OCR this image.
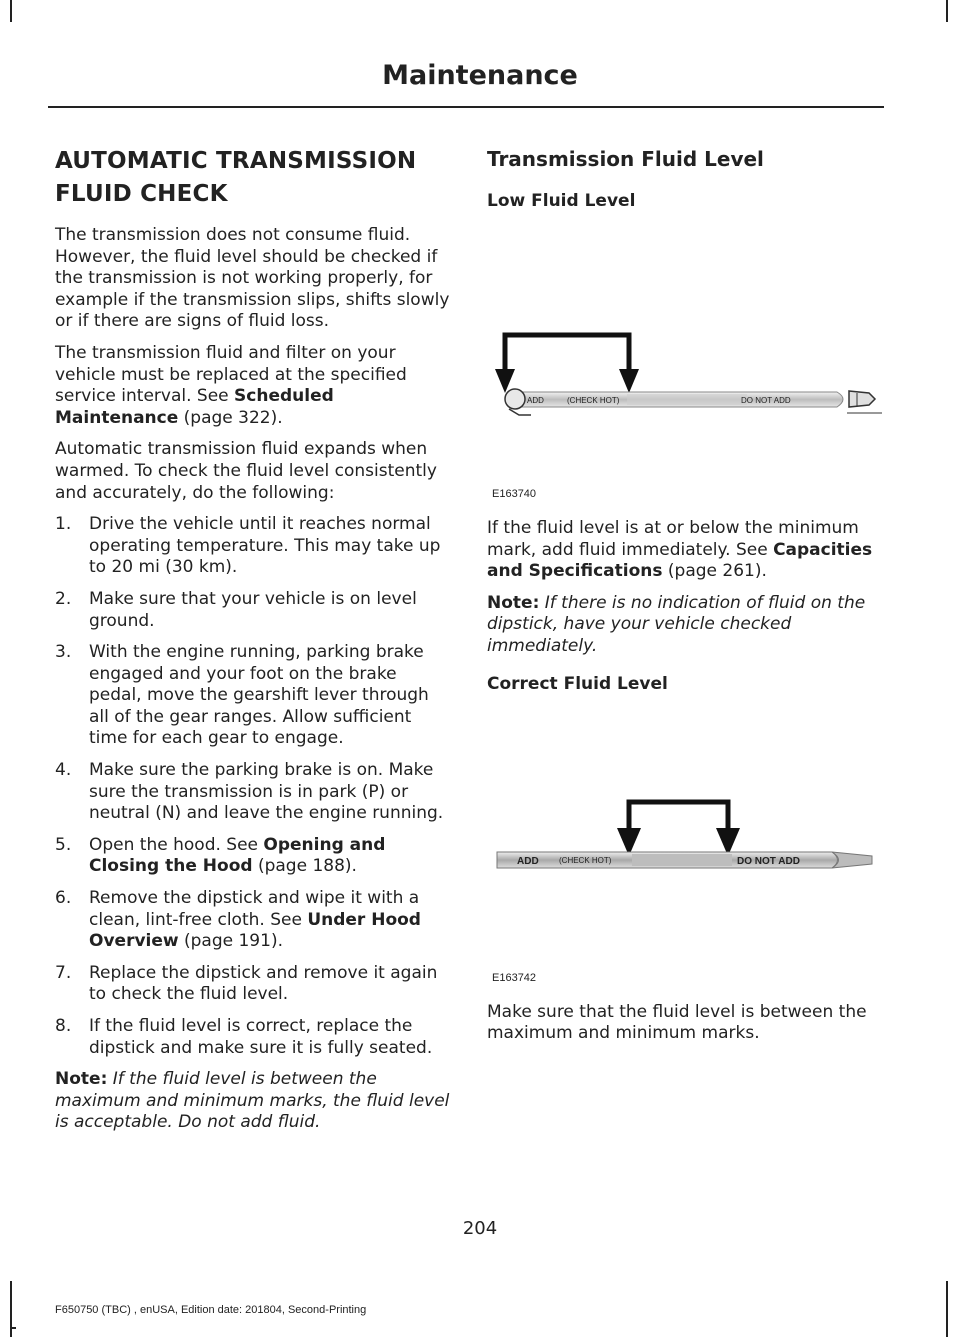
Maintenance
AUTOMATIC TRANSMISSION FLUID CHECK

The transmission does not consume fluid. However, the fluid level should be checked if the transmission is not working properly, for example if the transmission slips, shifts slowly or if there are signs of fluid loss.

The transmission fluid and filter on your vehicle must be replaced at the specified service interval. See Scheduled Maintenance (page 322).

Automatic transmission fluid expands when warmed. To check the fluid level consistently and accurately, do the following:

1. Drive the vehicle until it reaches normal operating temperature. This may take up to 20 mi (30 km).
2. Make sure that your vehicle is on level ground.
3. With the engine running, parking brake engaged and your foot on the brake pedal, move the gearshift lever through all of the gear ranges. Allow sufficient time for each gear to engage.
4. Make sure the parking brake is on. Make sure the transmission is in park (P) or neutral (N) and leave the engine running.
5. Open the hood. See Opening and Closing the Hood (page 188).
6. Remove the dipstick and wipe it with a clean, lint-free cloth. See Under Hood Overview (page 191).
7. Replace the dipstick and remove it again to check the fluid level.
8. If the fluid level is correct, replace the dipstick and make sure it is fully seated.

Note: If the fluid level is between the maximum and minimum marks, the fluid level is acceptable. Do not add fluid.

Transmission Fluid Level
Low Fluid Level
ADD	(CHECK HOT)	DO NOT ADD
E163740

If the fluid level is at or below the minimum mark, add fluid immediately. See Capacities and Specifications (page 261).

Note: If there is no indication of fluid on the dipstick, have your vehicle checked immediately.

Correct Fluid Level
ADD	(CHECK HOT)	DO NOT ADD
E163742

Make sure that the fluid level is between the maximum and minimum marks.

204
F650750 (TBC) , enUSA, Edition date: 201804, Second-Printing
